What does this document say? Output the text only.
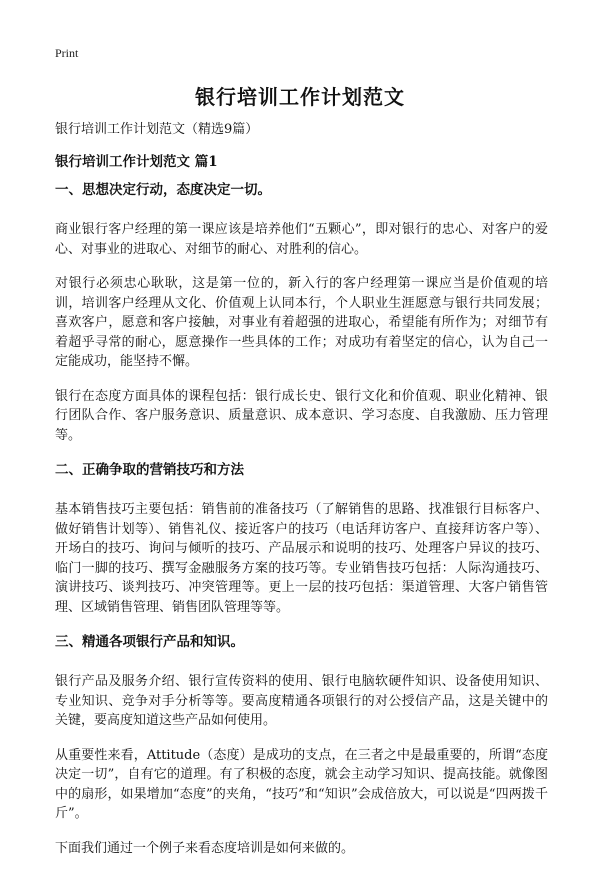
Print
银行培训工作计划范文

银行培训工作计划范文（精选9篇）

银行培训工作计划范文 篇1

一、思想决定行动，态度决定一切。

商业银行客户经理的第一课应该是培养他们“五颗心”，即对银行的忠心、对客户的爱心、对事业的进取心、对细节的耐心、对胜利的信心。

对银行必须忠心耿耿，这是第一位的，新入行的客户经理第一课应当是价值观的培训，培训客户经理从文化、价值观上认同本行，个人职业生涯愿意与银行共同发展；喜欢客户，愿意和客户接触，对事业有着超强的进取心，希望能有所作为；对细节有着超乎寻常的耐心，愿意操作一些具体的工作；对成功有着坚定的信心，认为自己一定能成功，能坚持不懈。

银行在态度方面具体的课程包括：银行成长史、银行文化和价值观、职业化精神、银行团队合作、客户服务意识、质量意识、成本意识、学习态度、自我激励、压力管理等。

二、正确争取的营销技巧和方法

基本销售技巧主要包括：销售前的准备技巧（了解销售的思路、找准银行目标客户、做好销售计划等）、销售礼仪、接近客户的技巧（电话拜访客户、直接拜访客户等）、开场白的技巧、询问与倾听的技巧、产品展示和说明的技巧、处理客户异议的技巧、临门一脚的技巧、撰写金融服务方案的技巧等。专业销售技巧包括：人际沟通技巧、演讲技巧、谈判技巧、冲突管理等。更上一层的技巧包括：渠道管理、大客户销售管理、区域销售管理、销售团队管理等等。

三、精通各项银行产品和知识。

银行产品及服务介绍、银行宣传资料的使用、银行电脑软硬件知识、设备使用知识、专业知识、竞争对手分析等等。要高度精通各项银行的对公授信产品，这是关键中的关键，要高度知道这些产品如何使用。

从重要性来看，Attitude（态度）是成功的支点，在三者之中是最重要的，所谓“态度决定一切”，自有它的道理。有了积极的态度，就会主动学习知识、提高技能。就像图中的扇形，如果增加“态度”的夹角，“技巧”和“知识”会成倍放大，可以说是“四两拨千斤”。

下面我们通过一个例子来看态度培训是如何来做的。
